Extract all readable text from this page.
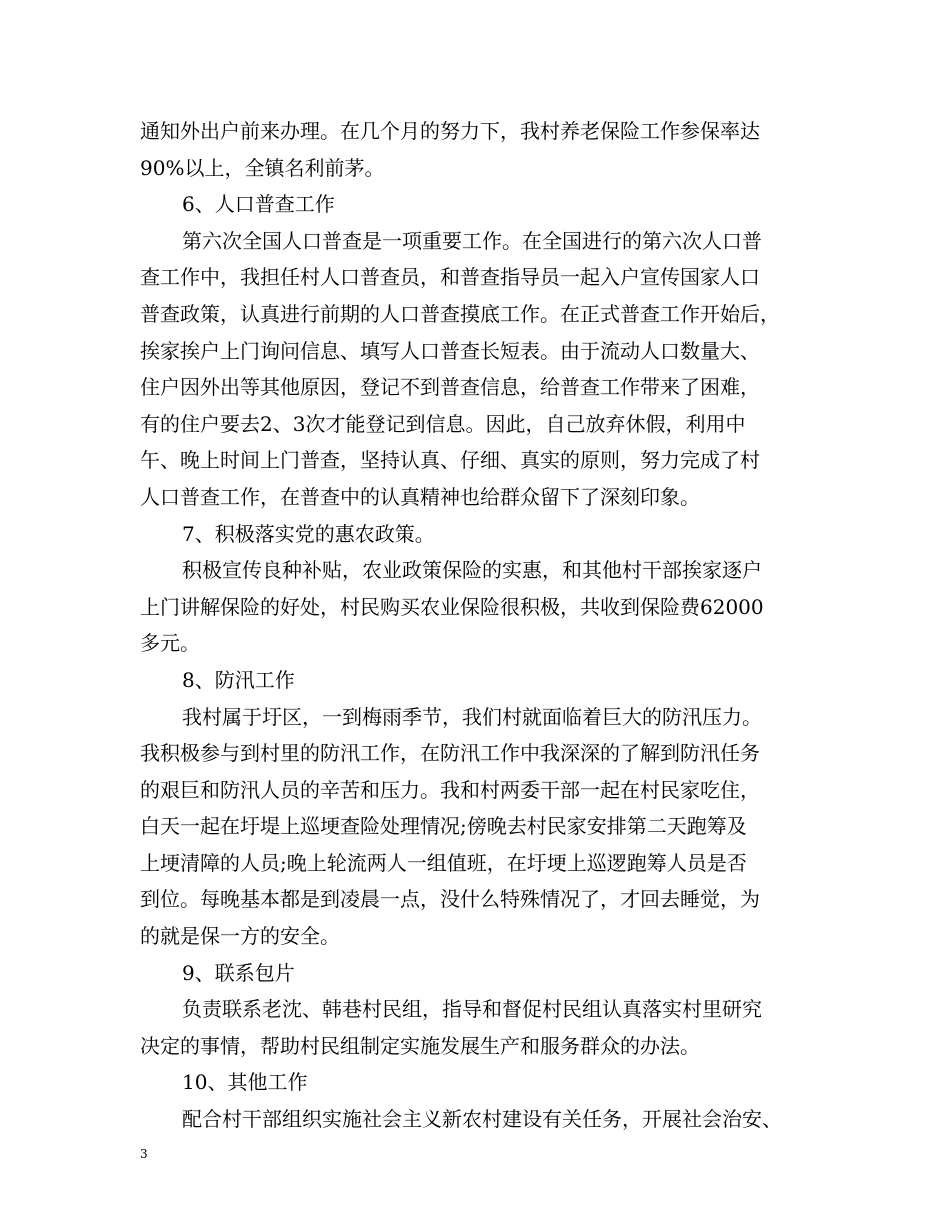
通知外出户前来办理。在几个月的努力下，我村养老保险工作参保率达
90%以上，全镇名利前茅。
6、人口普查工作
第六次全国人口普查是一项重要工作。在全国进行的第六次人口普
查工作中，我担任村人口普查员，和普查指导员一起入户宣传国家人口
普查政策，认真进行前期的人口普查摸底工作。在正式普查工作开始后，
挨家挨户上门询问信息、填写人口普查长短表。由于流动人口数量大、
住户因外出等其他原因，登记不到普查信息，给普查工作带来了困难，
有的住户要去2、3次才能登记到信息。因此，自己放弃休假，利用中
午、晚上时间上门普查，坚持认真、仔细、真实的原则，努力完成了村
人口普查工作，在普查中的认真精神也给群众留下了深刻印象。
7、积极落实党的惠农政策。
积极宣传良种补贴，农业政策保险的实惠，和其他村干部挨家逐户
上门讲解保险的好处，村民购买农业保险很积极，共收到保险费62000
多元。
8、防汛工作
我村属于圩区，一到梅雨季节，我们村就面临着巨大的防汛压力。
我积极参与到村里的防汛工作，在防汛工作中我深深的了解到防汛任务
的艰巨和防汛人员的辛苦和压力。我和村两委干部一起在村民家吃住，
白天一起在圩堤上巡埂查险处理情况;傍晚去村民家安排第二天跑筹及
上埂清障的人员;晚上轮流两人一组值班，在圩埂上巡逻跑筹人员是否
到位。每晚基本都是到凌晨一点，没什么特殊情况了，才回去睡觉，为
的就是保一方的安全。
9、联系包片
负责联系老沈、韩巷村民组，指导和督促村民组认真落实村里研究
决定的事情，帮助村民组制定实施发展生产和服务群众的办法。
10、其他工作
配合村干部组织实施社会主义新农村建设有关任务，开展社会治安、
3
